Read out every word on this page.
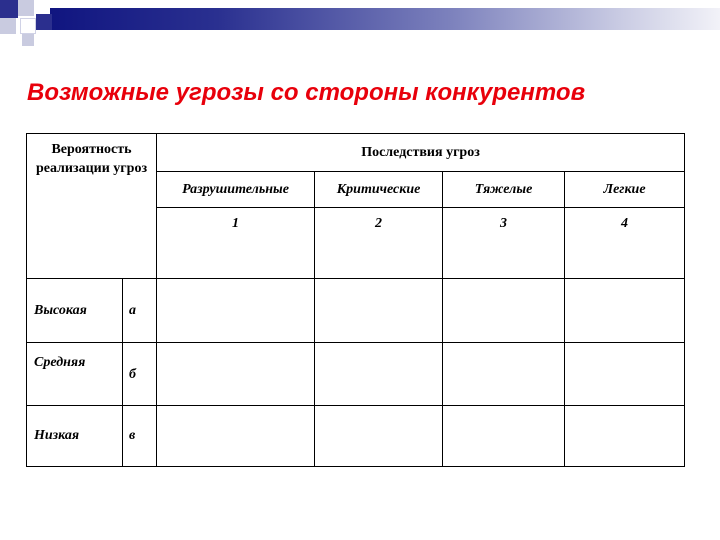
Возможные угрозы со стороны конкурентов
Вероятность реализации угроз		Последствия угроз			
		Разрушительные	Критические	Тяжелые	Легкие
		1	2	3	4
Высокая	а				
Средняя	б				
Низкая	в				
